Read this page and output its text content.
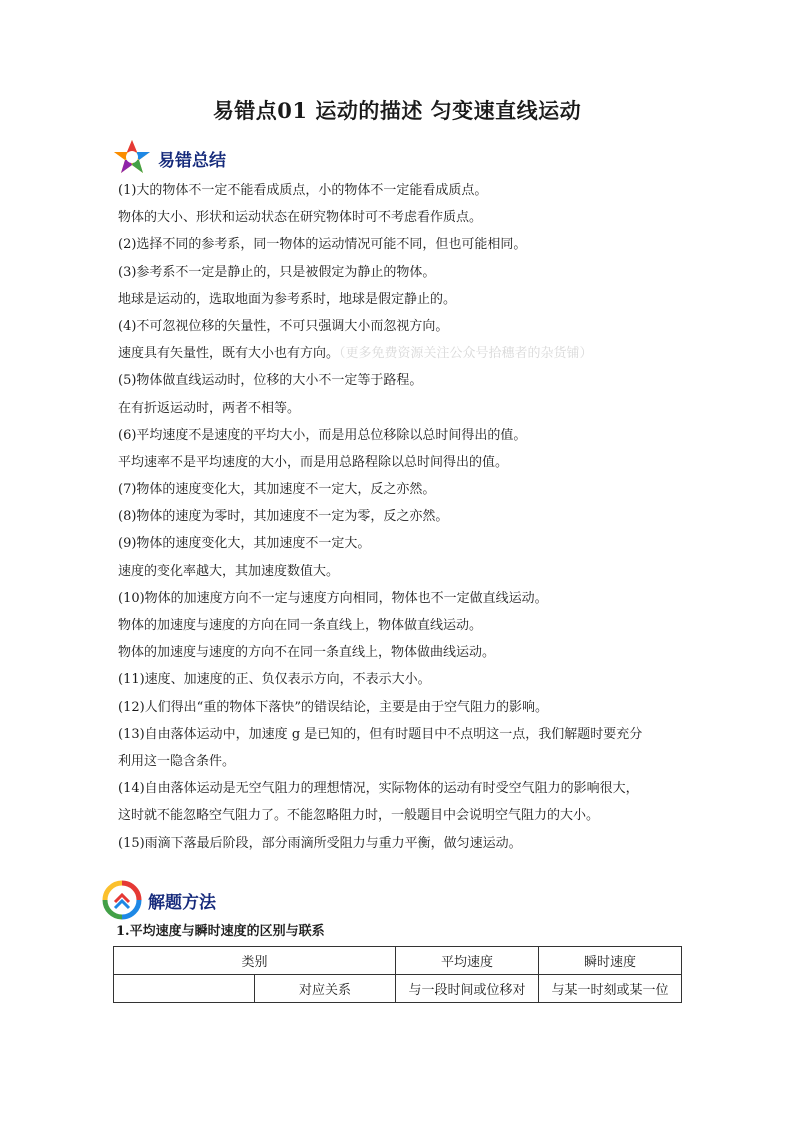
易错点01 运动的描述 匀变速直线运动
易错总结
(1)大的物体不一定不能看成质点，小的物体不一定能看成质点。
物体的大小、形状和运动状态在研究物体时可不考虑看作质点。
(2)选择不同的参考系，同一物体的运动情况可能不同，但也可能相同。
(3)参考系不一定是静止的，只是被假定为静止的物体。
地球是运动的，选取地面为参考系时，地球是假定静止的。
(4)不可忽视位移的矢量性，不可只强调大小而忽视方向。
速度具有矢量性，既有大小也有方向。（更多免费资源关注公众号拾穗者的杂货铺）
(5)物体做直线运动时，位移的大小不一定等于路程。
在有折返运动时，两者不相等。
(6)平均速度不是速度的平均大小，而是用总位移除以总时间得出的值。
平均速率不是平均速度的大小，而是用总路程除以总时间得出的值。
(7)物体的速度变化大，其加速度不一定大，反之亦然。
(8)物体的速度为零时，其加速度不一定为零，反之亦然。
(9)物体的速度变化大，其加速度不一定大。
速度的变化率越大，其加速度数值大。
(10)物体的加速度方向不一定与速度方向相同，物体也不一定做直线运动。
物体的加速度与速度的方向在同一条直线上，物体做直线运动。
物体的加速度与速度的方向不在同一条直线上，物体做曲线运动。
(11)速度、加速度的正、负仅表示方向，不表示大小。
(12)人们得出“重的物体下落快”的错误结论，主要是由于空气阻力的影响。
(13)自由落体运动中，加速度 g 是已知的，但有时题目中不点明这一点，我们解题时要充分
利用这一隐含条件。
(14)自由落体运动是无空气阻力的理想情况，实际物体的运动有时受空气阻力的影响很大，
这时就不能忽略空气阻力了。不能忽略阻力时，一般题目中会说明空气阻力的大小。
(15)雨滴下落最后阶段，部分雨滴所受阻力与重力平衡，做匀速运动。
解题方法
1.平均速度与瞬时速度的区别与联系
类别		平均速度	瞬时速度
	对应关系	与一段时间或位移对	与某一时刻或某一位
